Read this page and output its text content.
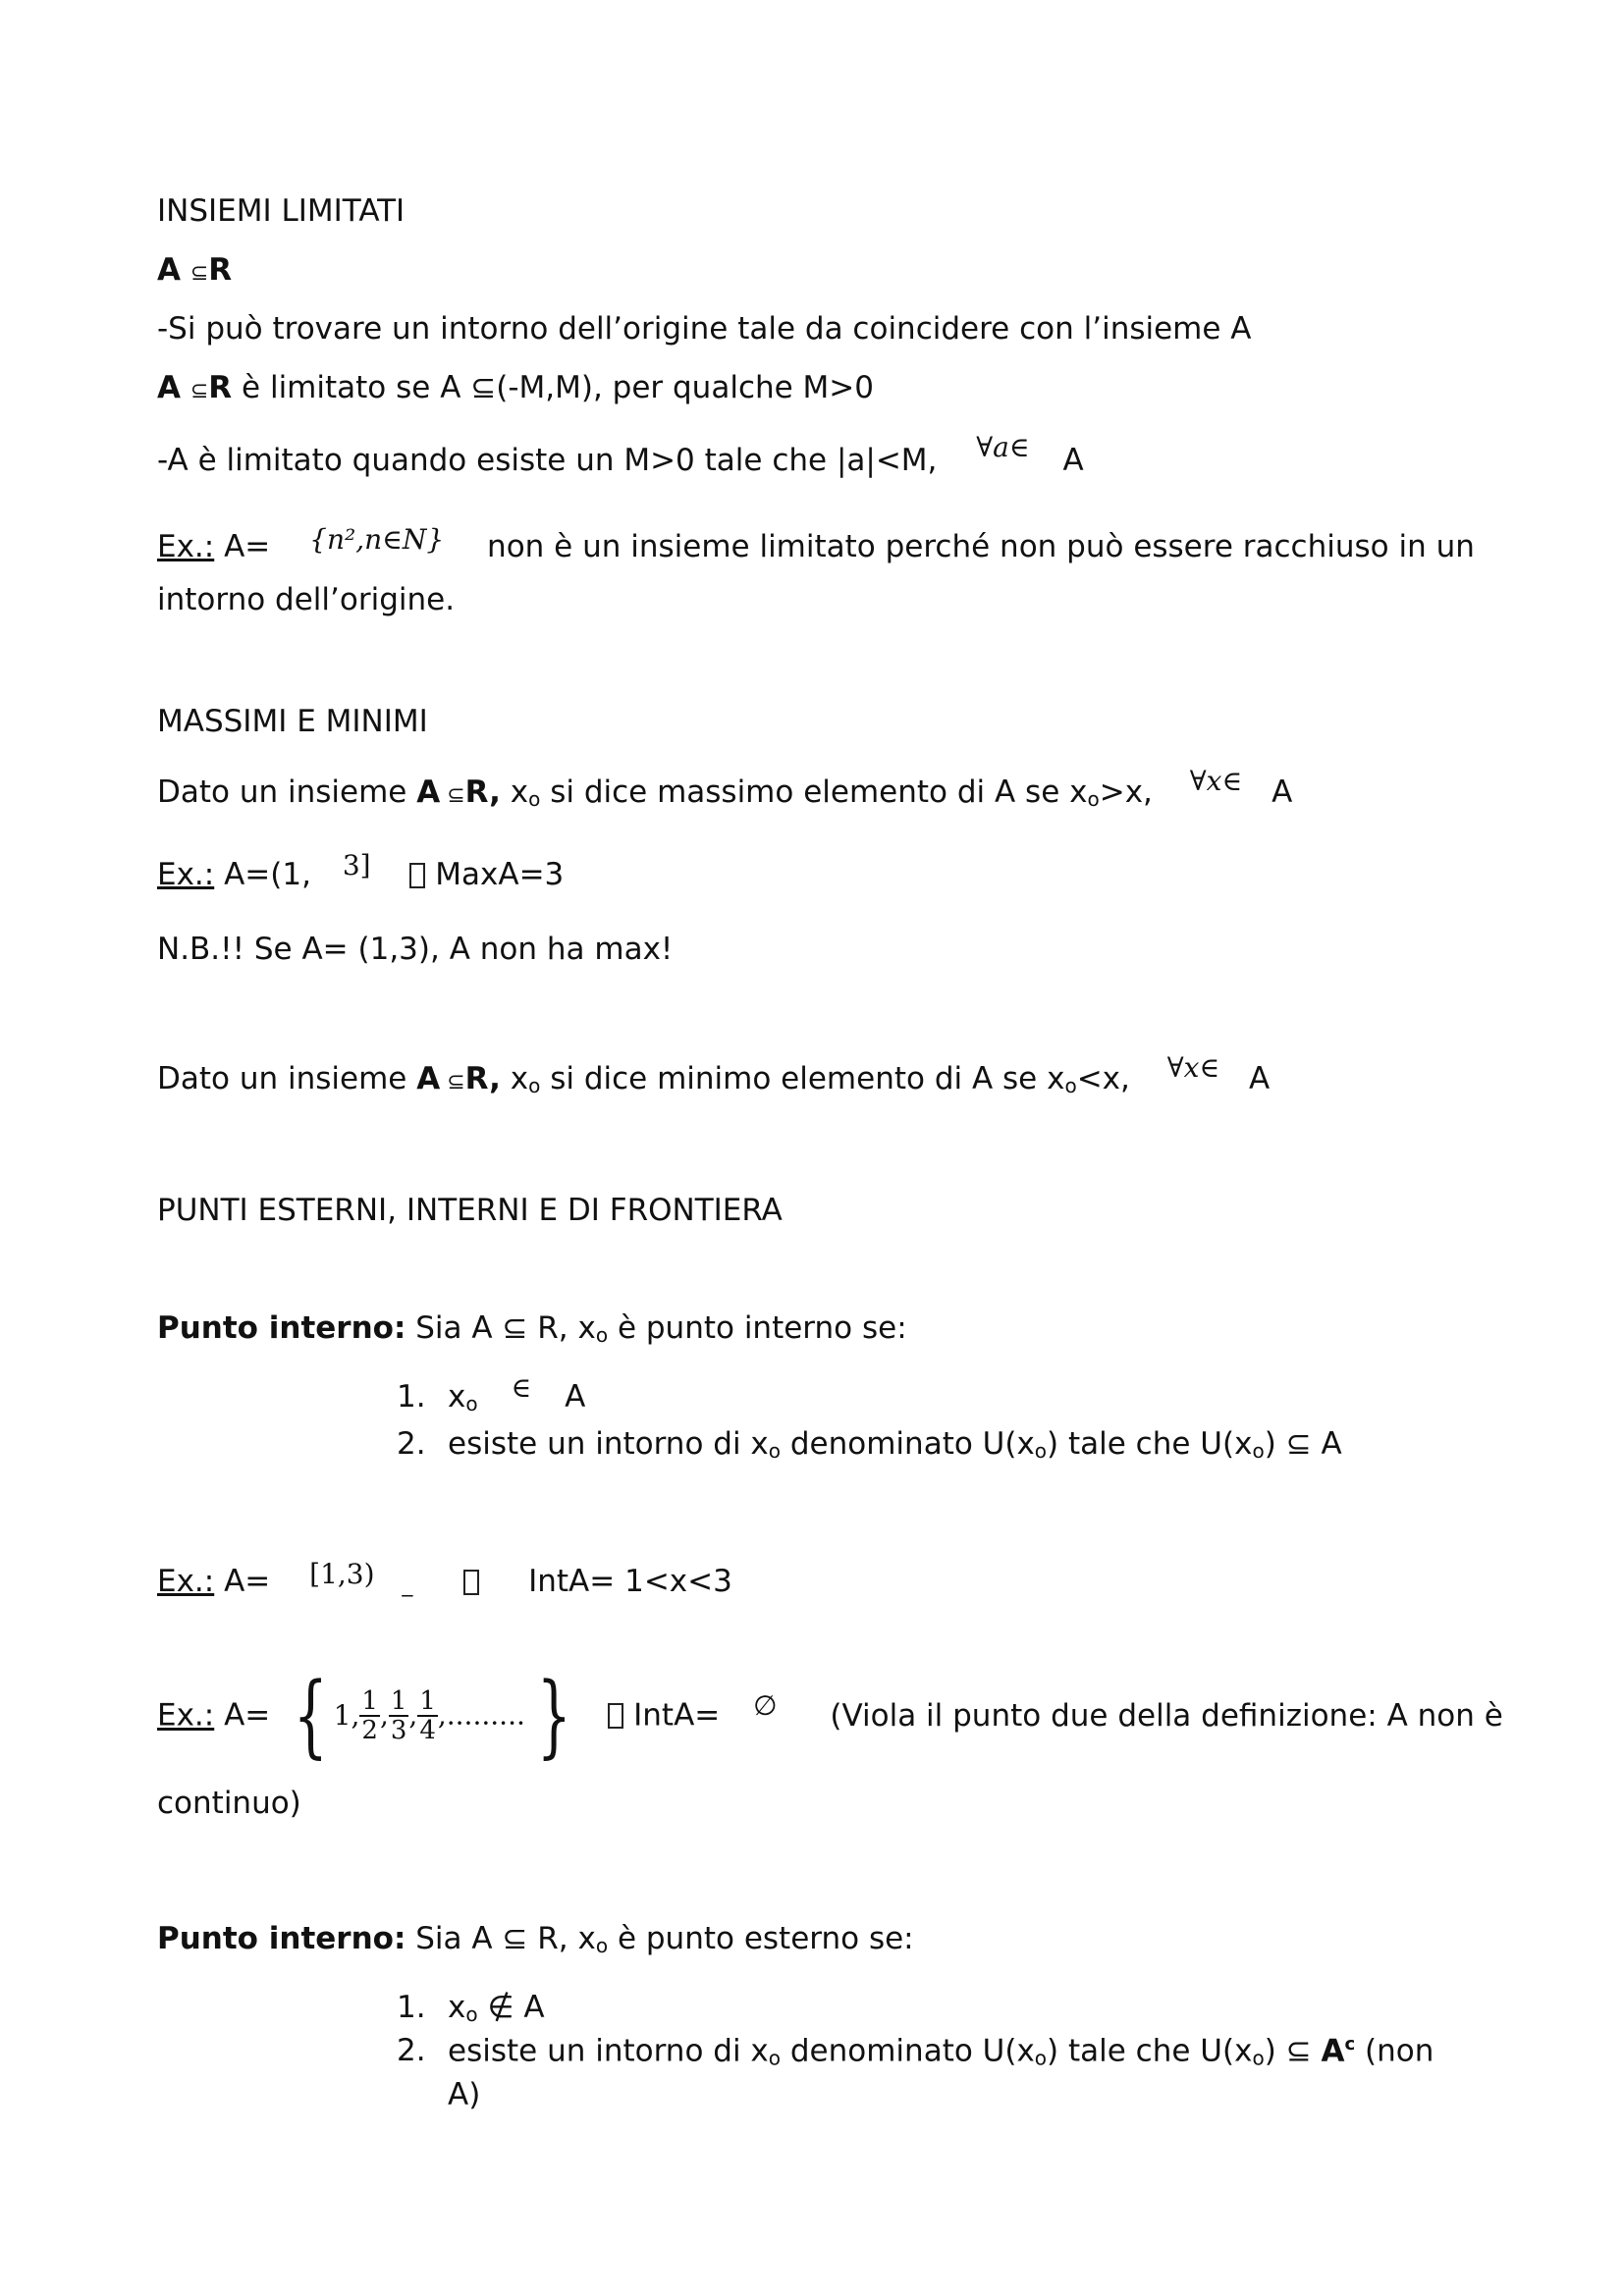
INSIEMI LIMITATI
A ⊆R
-Si può trovare un intorno dell’origine tale da coincidere con l’insieme A
A ⊆R è limitato se A ⊆(-M,M), per qualche M>0
-A è limitato quando esiste un M>0 tale che |a|<M, ∀a∈ A
Ex.: A= {n²,n∈N} non è un insieme limitato perché non può essere racchiuso in un
intorno dell’origine.
MASSIMI E MINIMI
Dato un insieme A ⊆R, $x_o$ si dice massimo elemento di A se $x_o>x$, ∀x∈ A
Ex.: A=(1, 3] MaxA=3
N.B.!! Se A= (1,3), A non ha max!
Dato un insieme A ⊆R, $x_o$ si dice minimo elemento di A se $x_o<x$, ∀x∈ A
PUNTI ESTERNI, INTERNI E DI FRONTIERA
Punto interno: Sia A ⊆ R, $x_o$ è punto interno se:
1. $x_o$ ∈ A
2. esiste un intorno di $x_o$ denominato $U(x_o)$ tale che $U(x_o)$ ⊆ A
Ex.: A= [1,3) _	IntA= 1<x<3
Ex.: A= { 1, $\frac{1}{2}$ , $\frac{1}{3}$ , $\frac{1}{4}$ ,......... } IntA= ∅ (Viola il punto due della definizione: A non è
continuo)
Punto interno: Sia A ⊆ R, $x_o$ è punto esterno se:
1. $x_o$ ∉ A
2. esiste un intorno di $x_o$ denominato $U(x_o)$ tale che $U(x_o)$ ⊆ $A^c$ (non
A)
